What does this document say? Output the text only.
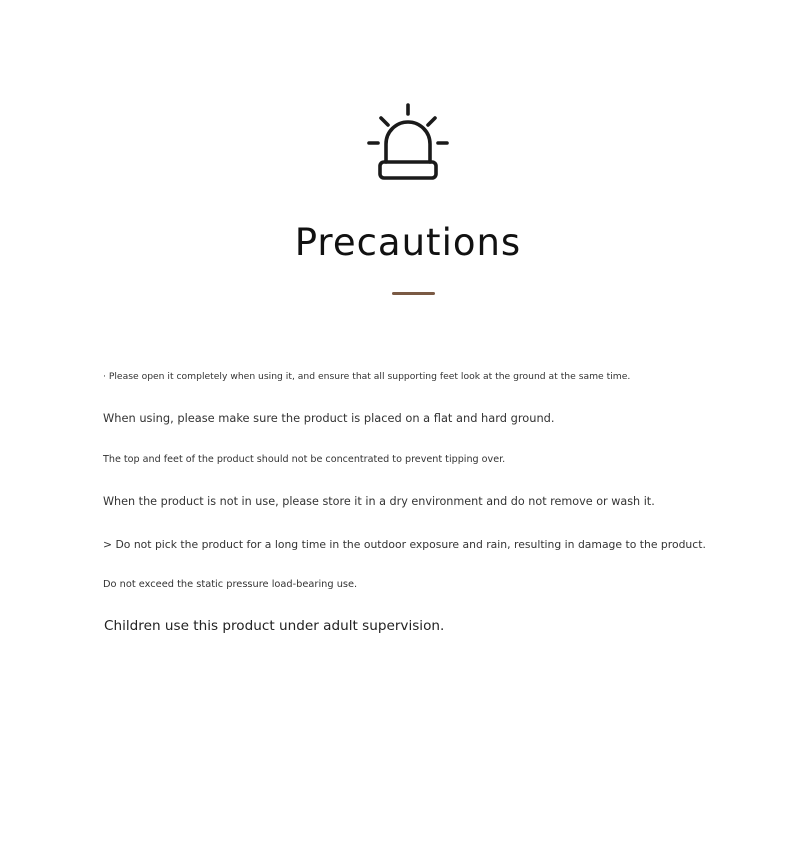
Precautions
· Please open it completely when using it, and ensure that all supporting feet look at the ground at the same time.
When using, please make sure the product is placed on a flat and hard ground.
The top and feet of the product should not be concentrated to prevent tipping over.
When the product is not in use, please store it in a dry environment and do not remove or wash it.
> Do not pick the product for a long time in the outdoor exposure and rain, resulting in damage to the product.
Do not exceed the static pressure load-bearing use.
Children use this product under adult supervision.
